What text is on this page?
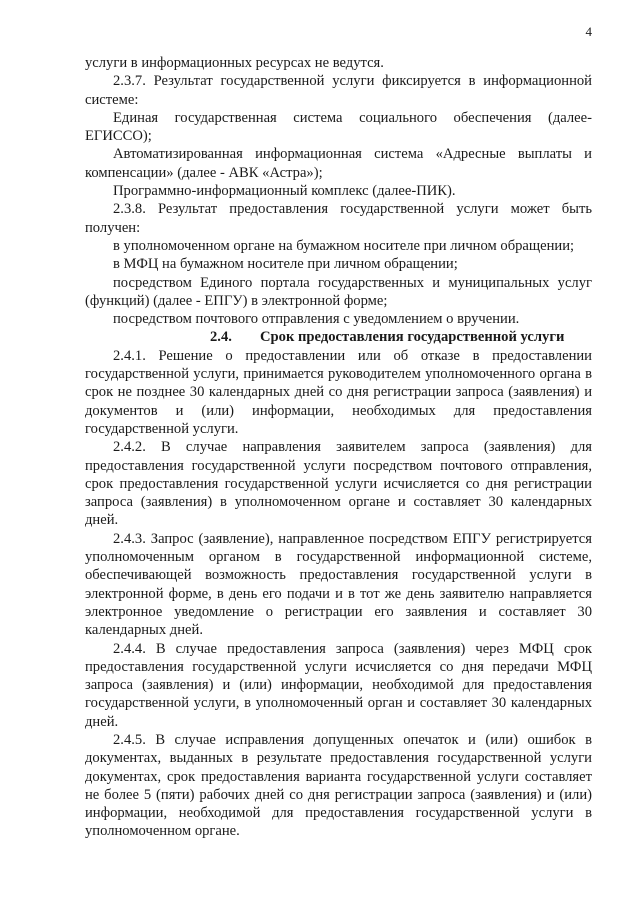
4

услуги в информационных ресурсах не ведутся.

2.3.7. Результат государственной услуги фиксируется в информационной системе:

Единая государственная система социального обеспечения (далее-ЕГИССО);

Автоматизированная информационная система «Адресные выплаты и компенсации» (далее - АВК «Астра»);

Программно-информационный комплекс (далее-ПИК).

2.3.8. Результат предоставления государственной услуги может быть получен:

в уполномоченном органе на бумажном носителе при личном обращении;

в МФЦ на бумажном носителе при личном обращении;

посредством Единого портала государственных и муниципальных услуг (функций) (далее - ЕПГУ) в электронной форме;

посредством почтового отправления с уведомлением о вручении.

2.4. Срок предоставления государственной услуги

2.4.1. Решение о предоставлении или об отказе в предоставлении государственной услуги, принимается руководителем уполномоченного органа в срок не позднее 30 календарных дней со дня регистрации запроса (заявления) и документов и (или) информации, необходимых для предоставления государственной услуги.

2.4.2. В случае направления заявителем запроса (заявления) для предоставления государственной услуги посредством почтового отправления, срок предоставления государственной услуги исчисляется со дня регистрации запроса (заявления) в уполномоченном органе и составляет 30 календарных дней.

2.4.3. Запрос (заявление), направленное посредством ЕПГУ регистрируется уполномоченным органом в государственной информационной системе, обеспечивающей возможность предоставления государственной услуги в электронной форме, в день его подачи и в тот же день заявителю направляется электронное уведомление о регистрации его заявления и составляет 30 календарных дней.

2.4.4. В случае предоставления запроса (заявления) через МФЦ срок предоставления государственной услуги исчисляется со дня передачи МФЦ запроса (заявления) и (или) информации, необходимой для предоставления государственной услуги, в уполномоченный орган и составляет 30 календарных дней.

2.4.5. В случае исправления допущенных опечаток и (или) ошибок в документах, выданных в результате предоставления государственной услуги документах, срок предоставления варианта государственной услуги составляет не более 5 (пяти) рабочих дней со дня регистрации запроса (заявления) и (или) информации, необходимой для предоставления государственной услуги в уполномоченном органе.
